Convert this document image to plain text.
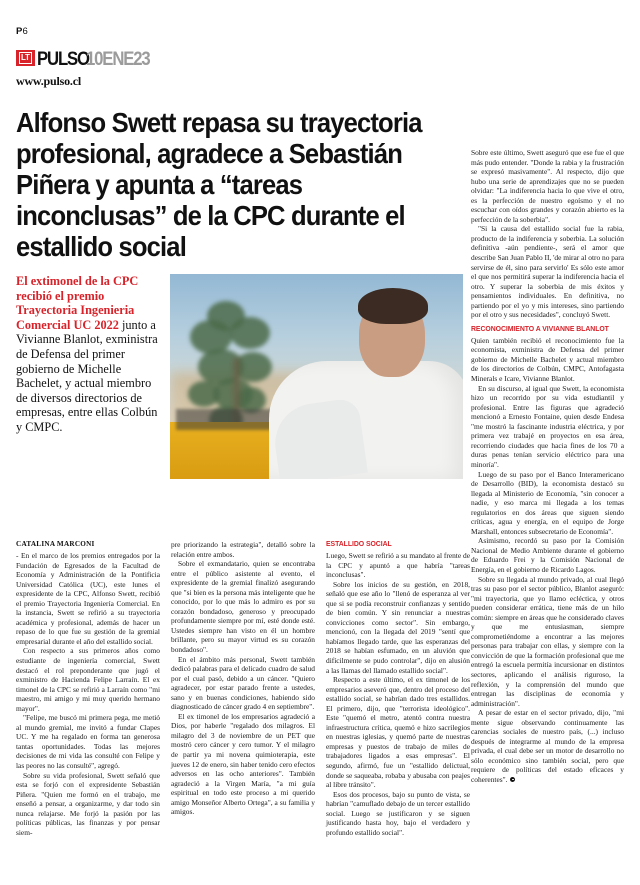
P6
LT PULSO
10ENE23
www.pulso.cl
Alfonso Swett repasa su trayectoria profesional, agradece a Sebastián Piñera y apunta a “tareas inconclusas” de la CPC durante el estallido social
El extimonel de la CPC recibió el premio Trayectoria Ingenieria Comercial UC 2022 junto a Vivianne Blanlot, exministra de Defensa del primer gobierno de Michelle Bachelet, y actual miembro de diversos directorios de empresas, entre ellas Colbún y CMPC.
CATALINA MARCONI

- En el marco de los premios entregados por la Fundación de Egresados de la Facultad de Economía y Administración de la Pontificia Universidad Católica (UC), este lunes el expresidente de la CPC, Alfonso Swett, recibió el premio Trayectoria Ingeniería Comercial. En la instancia, Swett se refirió a su trayectoria académica y profesional, además de hacer un repaso de lo que fue su gestión de la gremial empresarial durante el año del estallido social.

Con respecto a sus primeros años como estudiante de ingeniería comercial, Swett destacó el rol preponderante que jugó el exministro de Hacienda Felipe Larraín. El ex timonel de la CPC se refirió a Larraín como "mi maestro, mi amigo y mi muy querido hermano mayor".

"Felipe, me buscó mi primera pega, me metió al mundo gremial, me invitó a fundar Clapes UC. Y me ha regalado en forma tan generosa tantas oportunidades. Todas las mejores decisiones de mi vida las consulté con Felipe y las peores no las consulté", agregó.

Sobre su vida profesional, Swett señaló que esta se forjó con el expresidente Sebastián Piñera. "Quien me formó en el trabajo, me enseñó a pensar, a organizarme, y dar todo sin nunca relajarse. Me forjó la pasión por las políticas públicas, las finanzas y por pensar siem-

pre priorizando la estrategia", detalló sobre la relación entre ambos.

Sobre el exmandatario, quien se encontraba entre el público asistente al evento, el expresidente de la gremial finalizó asegurando que "si bien es la persona más inteligente que he conocido, por lo que más lo admiro es por su corazón bondadoso, generoso y preocupado profundamente siempre por mí, esté donde esté. Ustedes siempre han visto en él un hombre brillante, pero su mayor virtud es su corazón bondadoso".

En el ámbito más personal, Swett también dedicó palabras para el delicado cuadro de salud por el cual pasó, debido a un cáncer. "Quiero agradecer, por estar parado frente a ustedes, sano y en buenas condiciones, habiendo sido diagnosticado de cáncer grado 4 en septiembre".

El ex timonel de los empresarios agradeció a Dios, por haberle "regalado dos milagros. El milagro del 3 de noviembre de un PET que mostró cero cáncer y cero tumor. Y el milagro de partir ya mi novena quimioterapia, este jueves 12 de enero, sin haber tenido cero efectos adversos en las ocho anteriores". También agradeció a la Virgen María, "a mi guía espiritual en todo este proceso a mi querido amigo Monseñor Alberto Ortega", a su familia y amigos.

ESTALLIDO SOCIAL

Luego, Swett se refirió a su mandato al frente de la CPC y apuntó a que habría "tareas inconclusas".

Sobre los inicios de su gestión, en 2018, señaló que ese año lo "llenó de esperanza al ver que si se podía reconstruir confianzas y sentido de bien común. Y sin renunciar a nuestras convicciones como sector". Sin embargo, mencionó, con la llegada del 2019 "sentí que habíamos llegado tarde, que las esperanzas del 2018 se habían esfumado, en un aluvión que difícilmente se pudo controlar", dijo en alusión a las llamas del llamado estallido social".

Respecto a este último, el ex timonel de los empresarios aseveró que, dentro del proceso del estallido social, se habrían dado tres estallidos. El primero, dijo, que "terrorista ideológico". Este "quemó el metro, atentó contra nuestra infraestructura crítica, quemó e hizo sacrilegios en nuestras iglesias, y quemó parte de nuestras empresas y puestos de trabajo de miles de trabajadores ligados a esas empresas". El segundo, afirmó, fue un "estallido delictual, donde se saqueaba, robaba y abusaba con peajes al libre tránsito".

Esos dos procesos, bajo su punto de vista, se habrían "camuflado debajo de un tercer estallido social. Luego se justificaron y se siguen justificando hasta hoy, bajo el verdadero y profundo estallido social".

Sobre este último, Swett aseguró que ese fue el que más pudo entender. "Donde la rabia y la frustración se expresó masivamente". Al respecto, dijo que hubo una serie de aprendizajes que no se pueden olvidar: "La indiferencia hacia lo que vive el otro, es la perfección de nuestro egoísmo y el no escuchar con oídos grandes y corazón abierto es la perfección de la soberbia".

"Si la causa del estallido social fue la rabia, producto de la indiferencia y soberbia. La solución definitiva -aún pendiente-, será el amor que describe San Juan Pablo II, 'de mirar al otro no para servirse de él, sino para servirlo' Es sólo este amor el que nos permitirá superar la indiferencia hacia el otro. Y superar la soberbia de mis éxitos y pensamientos individuales. En definitiva, no partiendo por el yo y mis intereses, sino partiendo por el otro y sus necesidades", concluyó Swett.

RECONOCIMIENTO A VIVIANNE BLANLOT

Quien también recibió el reconocimiento fue la economista, exministra de Defensa del primer gobierno de Michelle Bachelet y actual miembro de los directorios de Colbún, CMPC, Antofagasta Minerals e Icare, Vivianne Blanlot.

En su discurso, al igual que Swett, la economista hizo un recorrido por su vida estudiantil y profesional. Entre las figuras que agradeció mencionó a Ernesto Fontaine, quien desde Endesa "me mostró la fascinante industria eléctrica, y por primera vez trabajé en proyectos en esa área, recorriendo ciudades que hacia fines de los 70 a duras penas tenían servicio eléctrico para una minoría".

Luego de su paso por el Banco Interamericano de Desarrollo (BID), la economista destacó su llegada al Ministerio de Economía, "sin conocer a nadie, y eso marca mi llegada a los temas regulatorios en dos áreas que siguen siendo críticas, agua y energía, en el equipo de Jorge Marshall, entonces subsecretario de Economía".

Asimismo, recordó su paso por la Comisión Nacional de Medio Ambiente durante el gobierno de Eduardo Frei y la Comisión Nacional de Energía, en el gobierno de Ricardo Lagos.

Sobre su llegada al mundo privado, al cual llegó tras su paso por el sector público, Blanlot aseguró: "mi trayectoria, que yo llamo ecléctica, y otros pueden considerar errática, tiene más de un hilo común: siempre en áreas que he considerado claves y que me entusiasman, siempre comprometiéndome a encontrar a las mejores personas para trabajar con ellas, y siempre con la convicción de que la formación profesional que me entregó la escuela permitía incursionar en distintos sectores, aplicando el análisis riguroso, la reflexión, y la comprensión del mundo que entregan las disciplinas de economía y administración".

A pesar de estar en el sector privado, dijo, "mi mente sigue observando continuamente las carencias sociales de nuestro país, (...) incluso después de integrarme al mundo de la empresa privada, el cual debe ser un motor de desarrollo no sólo económico sino también social, pero que requiere de políticas del estado eficaces y coherentes".
